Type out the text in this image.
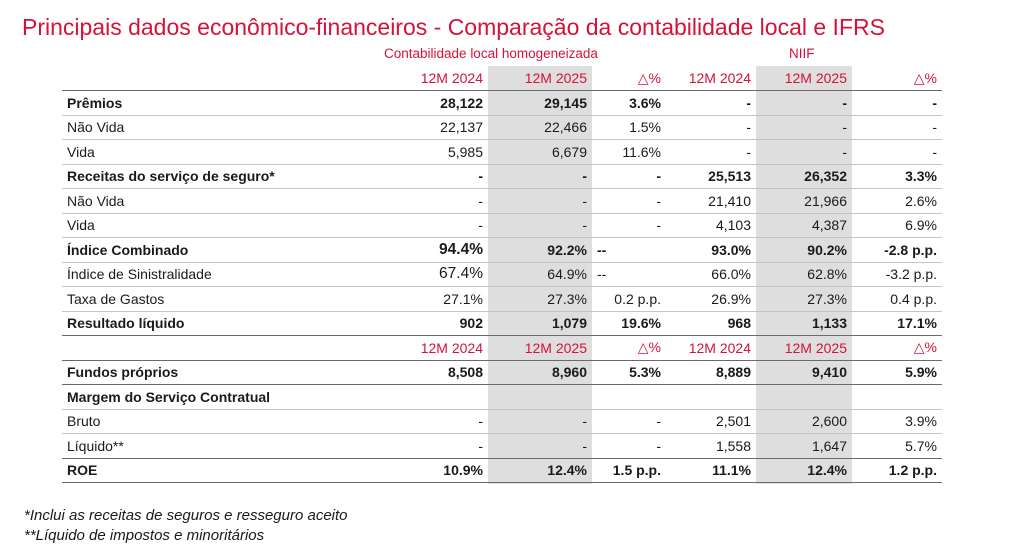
Principais dados econômico-financeiros - Comparação da contabilidade local e IFRS
Contabilidade local homogeneizada	NIIF
	12M 2024	12M 2025	△%	12M 2024	12M 2025	△%
Prêmios	28,122	29,145	3.6%	-	-	-
Não Vida	22,137	22,466	1.5%	-	-	-
Vida	5,985	6,679	11.6%	-	-	-
Receitas do serviço de seguro*	-	-	-	25,513	26,352	3.3%
Não Vida	-	-	-	21,410	21,966	2.6%
Vida	-	-	-	4,103	4,387	6.9%
Índice Combinado	94.4%	92.2%	--	93.0%	90.2%	-2.8 p.p.
Índice de Sinistralidade	67.4%	64.9%	--	66.0%	62.8%	-3.2 p.p.
Taxa de Gastos	27.1%	27.3%	0.2 p.p.	26.9%	27.3%	0.4 p.p.
Resultado líquido	902	1,079	19.6%	968	1,133	17.1%
	12M 2024	12M 2025	△%	12M 2024	12M 2025	△%
Fundos próprios	8,508	8,960	5.3%	8,889	9,410	5.9%
Margem do Serviço Contratual						
Bruto	-	-	-	2,501	2,600	3.9%
Líquido**	-	-	-	1,558	1,647	5.7%
ROE	10.9%	12.4%	1.5 p.p.	11.1%	12.4%	1.2 p.p.
*Inclui as receitas de seguros e resseguro aceito
**Líquido de impostos e minoritários
